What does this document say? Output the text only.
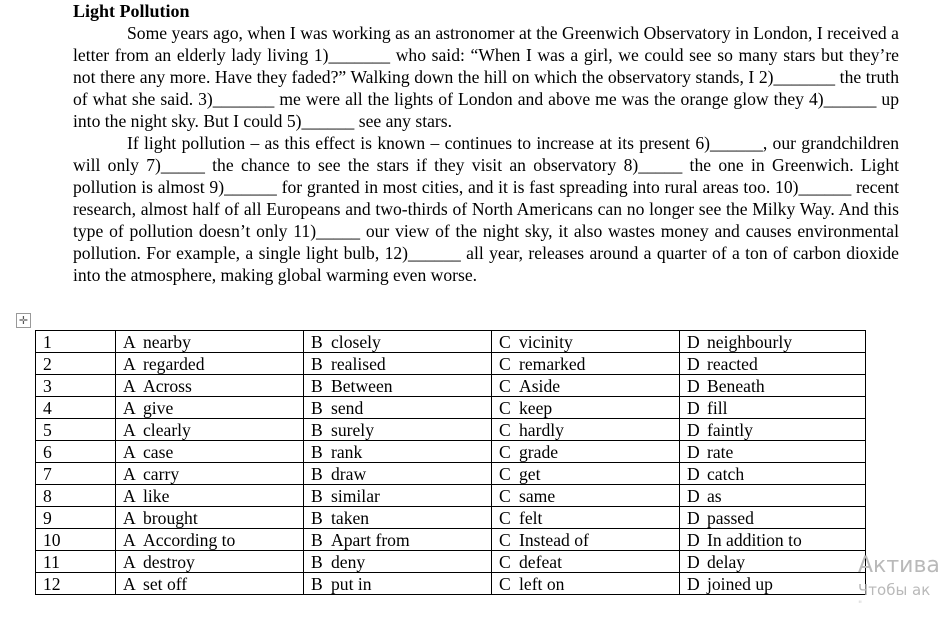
Light Pollution

Some years ago, when I was working as an astronomer at the Greenwich Observatory in London, I received a letter from an elderly lady living 1)_______ who said: “When I was a girl, we could see so many stars but they’re not there any more. Have they faded?” Walking down the hill on which the observatory stands, I 2)_______ the truth of what she said. 3)_______ me were all the lights of London and above me was the orange glow they 4)______ up into the night sky. But I could 5)______ see any stars.

If light pollution – as this effect is known – continues to increase at its present 6)______, our grandchildren will only 7)_____ the chance to see the stars if they visit an observatory 8)_____ the one in Greenwich. Light pollution is almost 9)______ for granted in most cities, and it is fast spreading into rural areas too. 10)______ recent research, almost half of all Europeans and two-thirds of North Americans can no longer see the Milky Way. And this type of pollution doesn’t only 11)_____ our view of the night sky, it also wastes money and causes environmental pollution. For example, a single light bulb, 12)______ all year, releases around a quarter of a ton of carbon dioxide into the atmosphere, making global warming even worse.

✛
1	A nearby	B closely	C vicinity	D neighbourly
2	A regarded	B realised	C remarked	D reacted
3	A Across	B Between	C Aside	D Beneath
4	A give	B send	C keep	D fill
5	A clearly	B surely	C hardly	D faintly
6	A case	B rank	C grade	D rate
7	A carry	B draw	C get	D catch
8	A like	B similar	C same	D as
9	A brought	B taken	C felt	D passed
10	A According to	B Apart from	C Instead of	D In addition to
11	A destroy	B deny	C defeat	D delay
12	A set off	B put in	C left on	D joined up
Актива
Чтобы ак
"
